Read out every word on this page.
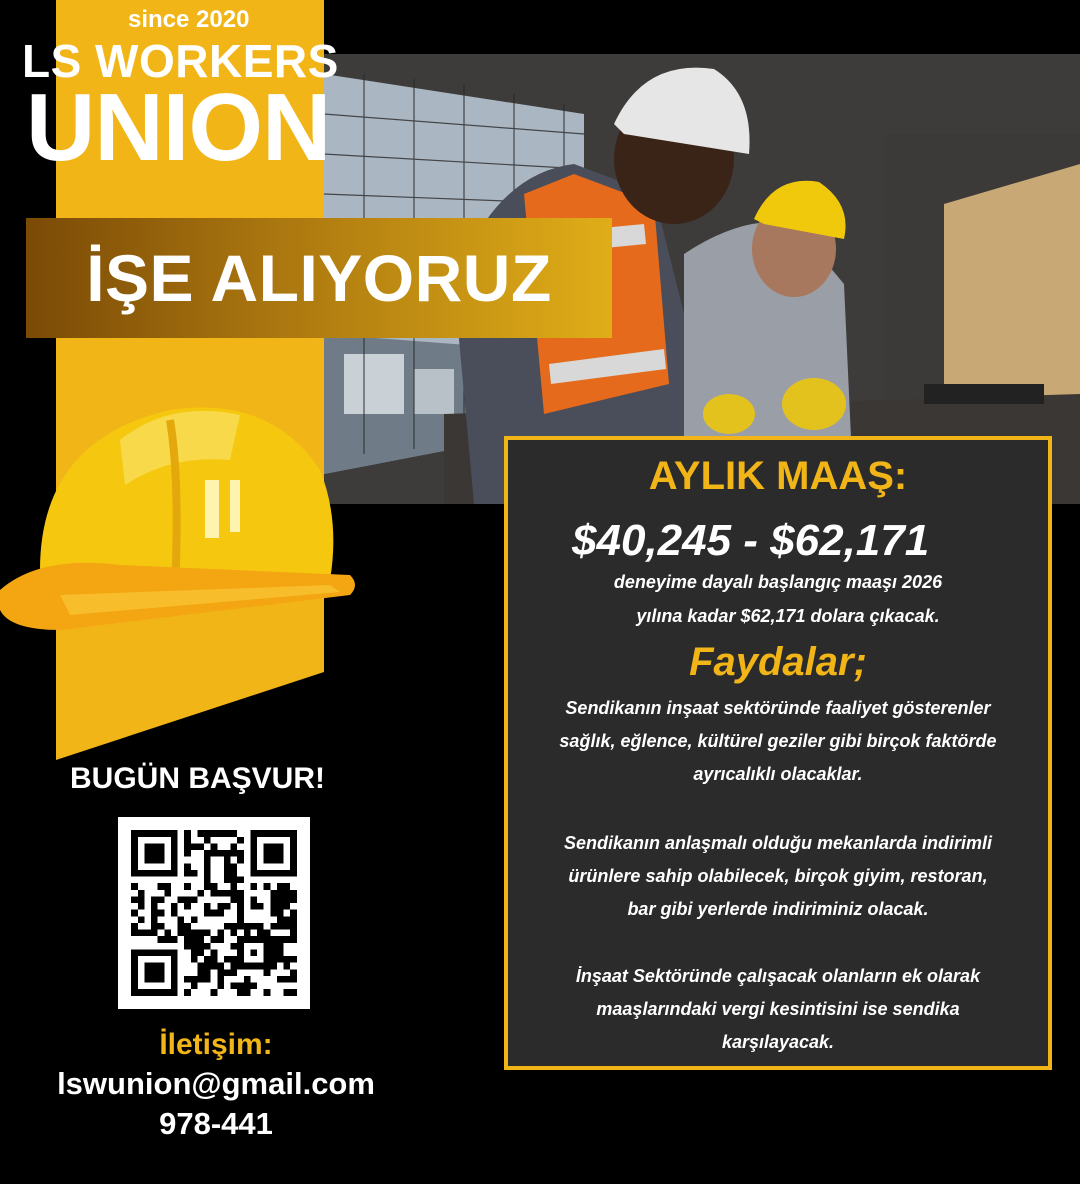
since 2020
LS WORKERS
UNION
İŞE ALIYORUZ
AYLIK MAAŞ:
$40,245 - $62,171
deneyime dayalı başlangıç maaşı 2026
yılına kadar $62,171 dolara çıkacak.
Faydalar;
Sendikanın inşaat sektöründe faaliyet gösterenler
sağlık, eğlence, kültürel geziler gibi birçok faktörde
ayrıcalıklı olacaklar.
Sendikanın anlaşmalı olduğu mekanlarda indirimli
ürünlere sahip olabilecek, birçok giyim, restoran,
bar gibi yerlerde indiriminiz olacak.
İnşaat Sektöründe çalışacak olanların ek olarak
maaşlarındaki vergi kesintisini ise sendika
karşılayacak.
BUGÜN BAŞVUR!
İletişim:
lswunion@gmail.com
978-441
